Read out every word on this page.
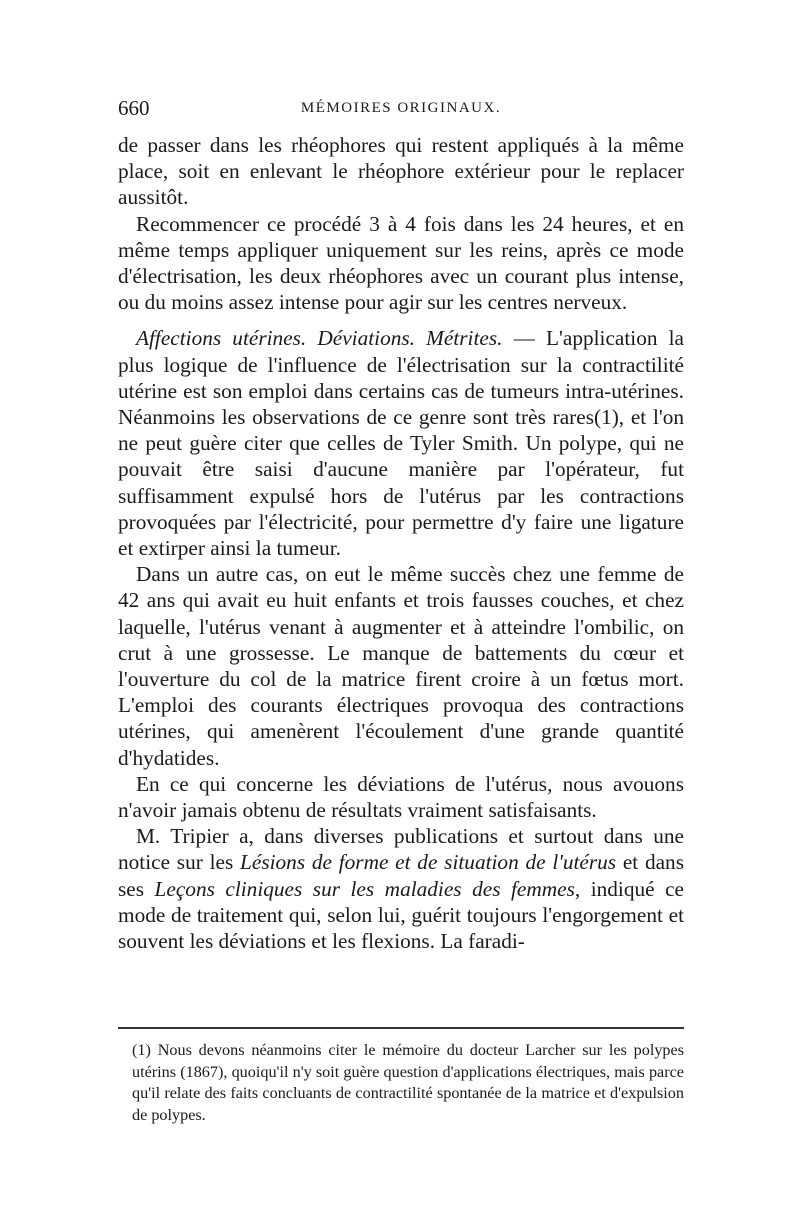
660	MÉMOIRES ORIGINAUX.

de passer dans les rhéophores qui restent appliqués à la même place, soit en enlevant le rhéophore extérieur pour le replacer aussitôt.

Recommencer ce procédé 3 à 4 fois dans les 24 heures, et en même temps appliquer uniquement sur les reins, après ce mode d'électrisation, les deux rhéophores avec un courant plus intense, ou du moins assez intense pour agir sur les centres nerveux.

Affections utérines. Déviations. Métrites. — L'application la plus logique de l'influence de l'électrisation sur la contractilité utérine est son emploi dans certains cas de tumeurs intra-utérines. Néanmoins les observations de ce genre sont très rares(1), et l'on ne peut guère citer que celles de Tyler Smith. Un polype, qui ne pouvait être saisi d'aucune manière par l'opérateur, fut suffisamment expulsé hors de l'utérus par les contractions provoquées par l'électricité, pour permettre d'y faire une ligature et extirper ainsi la tumeur.

Dans un autre cas, on eut le même succès chez une femme de 42 ans qui avait eu huit enfants et trois fausses couches, et chez laquelle, l'utérus venant à augmenter et à atteindre l'ombilic, on crut à une grossesse. Le manque de battements du cœur et l'ouverture du col de la matrice firent croire à un fœtus mort. L'emploi des courants électriques provoqua des contractions utérines, qui amenèrent l'écoulement d'une grande quantité d'hydatides.

En ce qui concerne les déviations de l'utérus, nous avouons n'avoir jamais obtenu de résultats vraiment satisfaisants.

M. Tripier a, dans diverses publications et surtout dans une notice sur les Lésions de forme et de situation de l'utérus et dans ses Leçons cliniques sur les maladies des femmes, indiqué ce mode de traitement qui, selon lui, guérit toujours l'engorgement et souvent les déviations et les flexions. La faradi-

(1) Nous devons néanmoins citer le mémoire du docteur Larcher sur les polypes utérins (1867), quoiqu'il n'y soit guère question d'applications électriques, mais parce qu'il relate des faits concluants de contractilité spontanée de la matrice et d'expulsion de polypes.
